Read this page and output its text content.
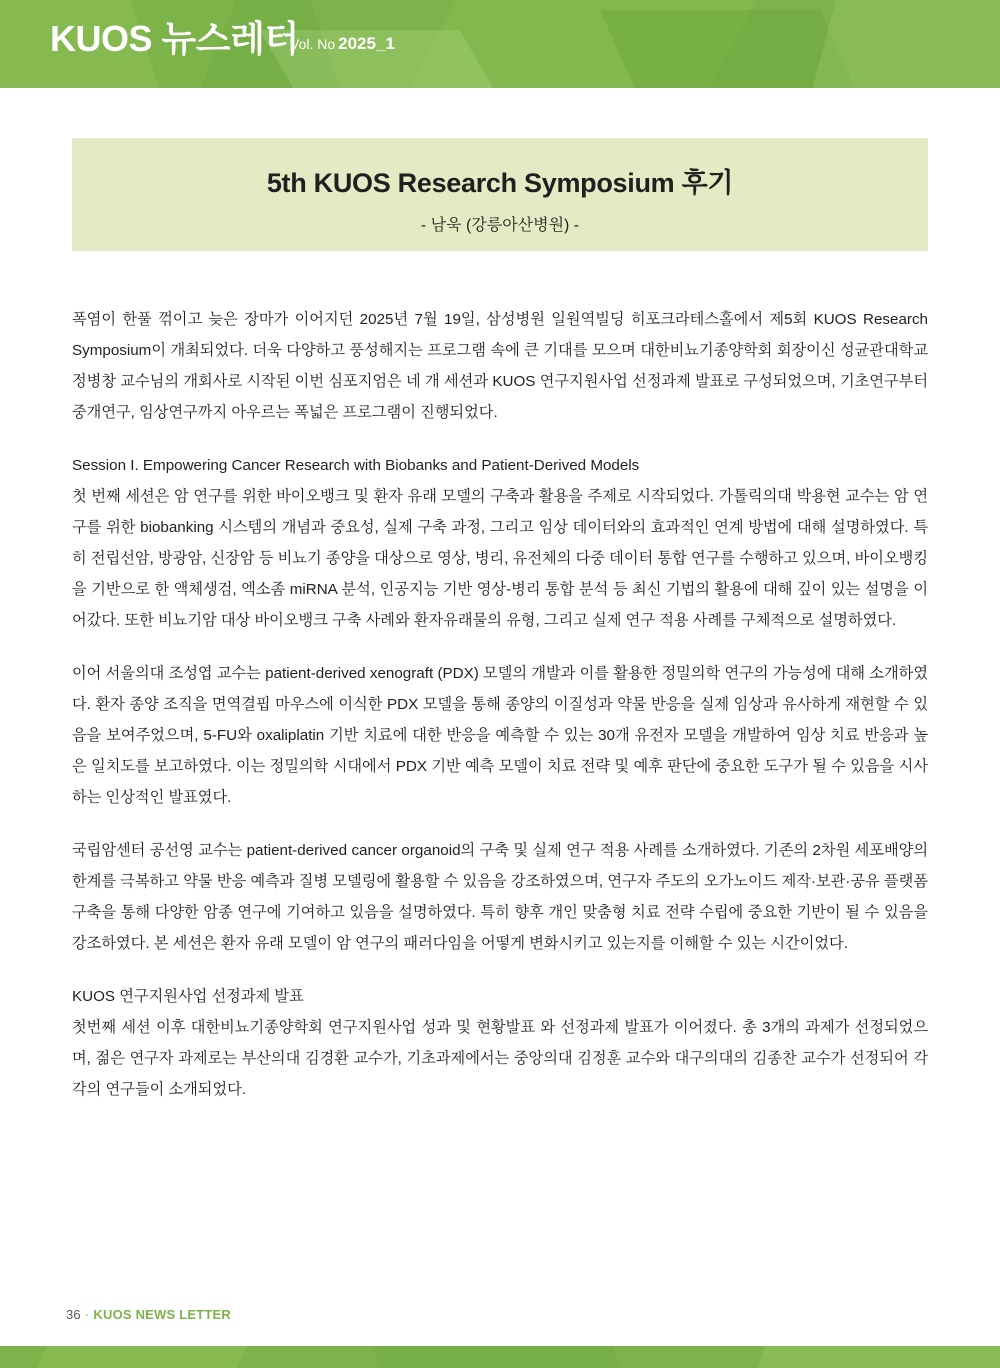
KUOS 뉴스레터
Vol. No 2025_1
5th KUOS Research Symposium 후기
- 남욱 (강릉아산병원) -

폭염이 한풀 꺾이고 늦은 장마가 이어지던 2025년 7월 19일, 삼성병원 일원역빌딩 히포크라테스홀에서 제5회 KUOS Research Symposium이 개최되었다. 더욱 다양하고 풍성해지는 프로그램 속에 큰 기대를 모으며 대한비뇨기종양학회 회장이신 성균관대학교 정병창 교수님의 개회사로 시작된 이번 심포지엄은 네 개 세션과 KUOS 연구지원사업 선정과제 발표로 구성되었으며, 기초연구부터 중개연구, 임상연구까지 아우르는 폭넓은 프로그램이 진행되었다.

Session I. Empowering Cancer Research with Biobanks and Patient-Derived Models

첫 번째 세션은 암 연구를 위한 바이오뱅크 및 환자 유래 모델의 구축과 활용을 주제로 시작되었다. 가톨릭의대 박용현 교수는 암 연구를 위한 biobanking 시스템의 개념과 중요성, 실제 구축 과정, 그리고 임상 데이터와의 효과적인 연계 방법에 대해 설명하였다. 특히 전립선암, 방광암, 신장암 등 비뇨기 종양을 대상으로 영상, 병리, 유전체의 다중 데이터 통합 연구를 수행하고 있으며, 바이오뱅킹을 기반으로 한 액체생검, 엑소좀 miRNA 분석, 인공지능 기반 영상-병리 통합 분석 등 최신 기법의 활용에 대해 깊이 있는 설명을 이어갔다. 또한 비뇨기암 대상 바이오뱅크 구축 사례와 환자유래물의 유형, 그리고 실제 연구 적용 사례를 구체적으로 설명하였다.

이어 서울의대 조성엽 교수는 patient-derived xenograft (PDX) 모델의 개발과 이를 활용한 정밀의학 연구의 가능성에 대해 소개하였다. 환자 종양 조직을 면역결핍 마우스에 이식한 PDX 모델을 통해 종양의 이질성과 약물 반응을 실제 임상과 유사하게 재현할 수 있음을 보여주었으며, 5-FU와 oxaliplatin 기반 치료에 대한 반응을 예측할 수 있는 30개 유전자 모델을 개발하여 임상 치료 반응과 높은 일치도를 보고하였다. 이는 정밀의학 시대에서 PDX 기반 예측 모델이 치료 전략 및 예후 판단에 중요한 도구가 될 수 있음을 시사하는 인상적인 발표였다.

국립암센터 공선영 교수는 patient-derived cancer organoid의 구축 및 실제 연구 적용 사례를 소개하였다. 기존의 2차원 세포배양의 한계를 극복하고 약물 반응 예측과 질병 모델링에 활용할 수 있음을 강조하였으며, 연구자 주도의 오가노이드 제작·보관·공유 플랫폼 구축을 통해 다양한 암종 연구에 기여하고 있음을 설명하였다. 특히 향후 개인 맞춤형 치료 전략 수립에 중요한 기반이 될 수 있음을 강조하였다. 본 세션은 환자 유래 모델이 암 연구의 패러다임을 어떻게 변화시키고 있는지를 이해할 수 있는 시간이었다.

KUOS 연구지원사업 선정과제 발표

첫번째 세션 이후 대한비뇨기종양학회 연구지원사업 성과 및 현황발표 와 선정과제 발표가 이어졌다. 총 3개의 과제가 선정되었으며, 젊은 연구자 과제로는 부산의대 김경환 교수가, 기초과제에서는 중앙의대 김정훈 교수와 대구의대의 김종찬 교수가 선정되어 각각의 연구들이 소개되었다.

36 · KUOS NEWS LETTER
